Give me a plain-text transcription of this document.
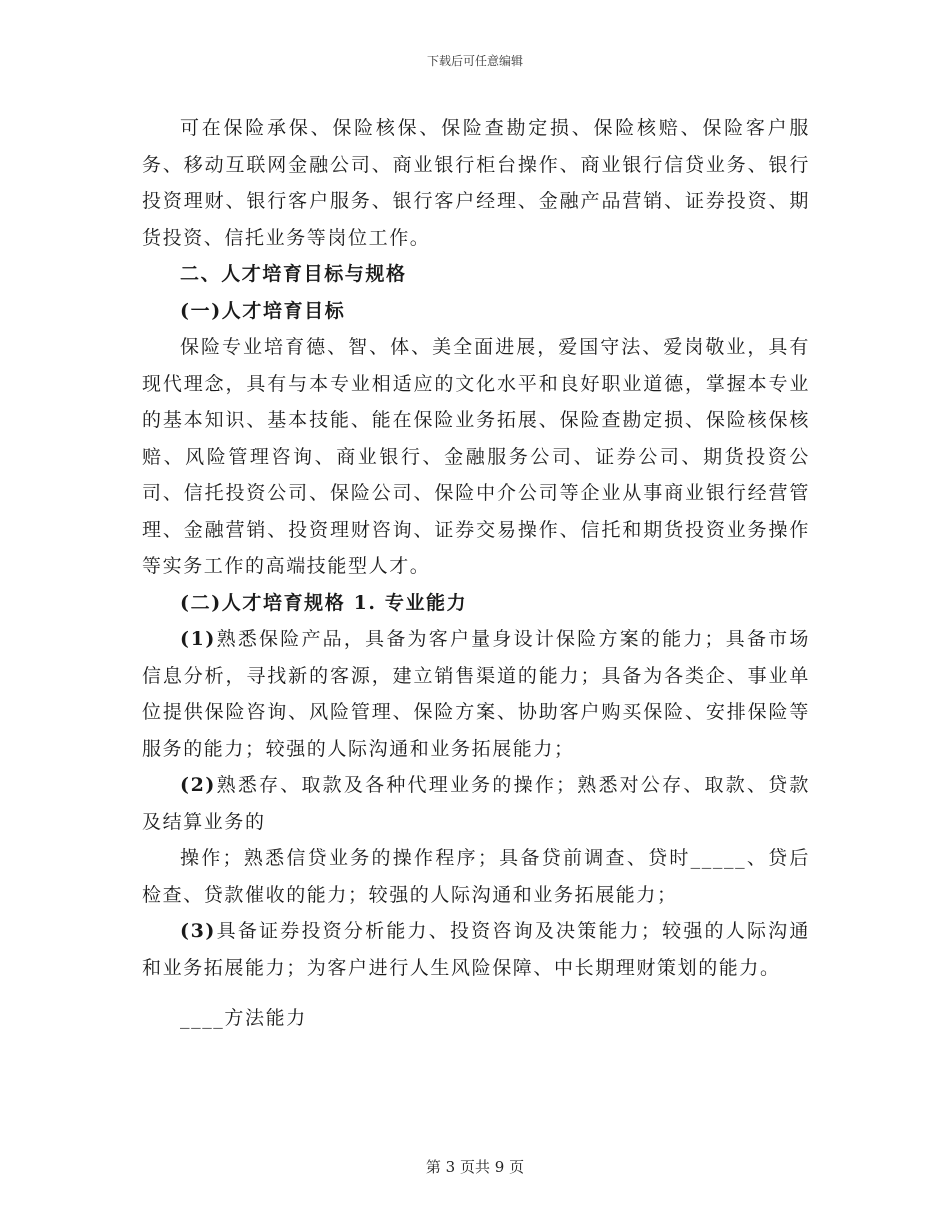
下载后可任意编辑

可在保险承保、保险核保、保险查勘定损、保险核赔、保险客户服务、移动互联网金融公司、商业银行柜台操作、商业银行信贷业务、银行投资理财、银行客户服务、银行客户经理、金融产品营销、证券投资、期货投资、信托业务等岗位工作。

二、人才培育目标与规格

(一)人才培育目标

保险专业培育德、智、体、美全面进展，爱国守法、爱岗敬业，具有现代理念，具有与本专业相适应的文化水平和良好职业道德，掌握本专业的基本知识、基本技能、能在保险业务拓展、保险查勘定损、保险核保核赔、风险管理咨询、商业银行、金融服务公司、证券公司、期货投资公司、信托投资公司、保险公司、保险中介公司等企业从事商业银行经营管理、金融营销、投资理财咨询、证券交易操作、信托和期货投资业务操作等实务工作的高端技能型人才。

(二)人才培育规格 1. 专业能力

(1)熟悉保险产品，具备为客户量身设计保险方案的能力；具备市场信息分析，寻找新的客源，建立销售渠道的能力；具备为各类企、事业单位提供保险咨询、风险管理、保险方案、协助客户购买保险、安排保险等服务的能力；较强的人际沟通和业务拓展能力；

(2)熟悉存、取款及各种代理业务的操作；熟悉对公存、取款、贷款及结算业务的

操作；熟悉信贷业务的操作程序；具备贷前调查、贷时_____、贷后检查、贷款催收的能力；较强的人际沟通和业务拓展能力；

(3)具备证券投资分析能力、投资咨询及决策能力；较强的人际沟通和业务拓展能力；为客户进行人生风险保障、中长期理财策划的能力。

____方法能力

第 3 页共 9 页
